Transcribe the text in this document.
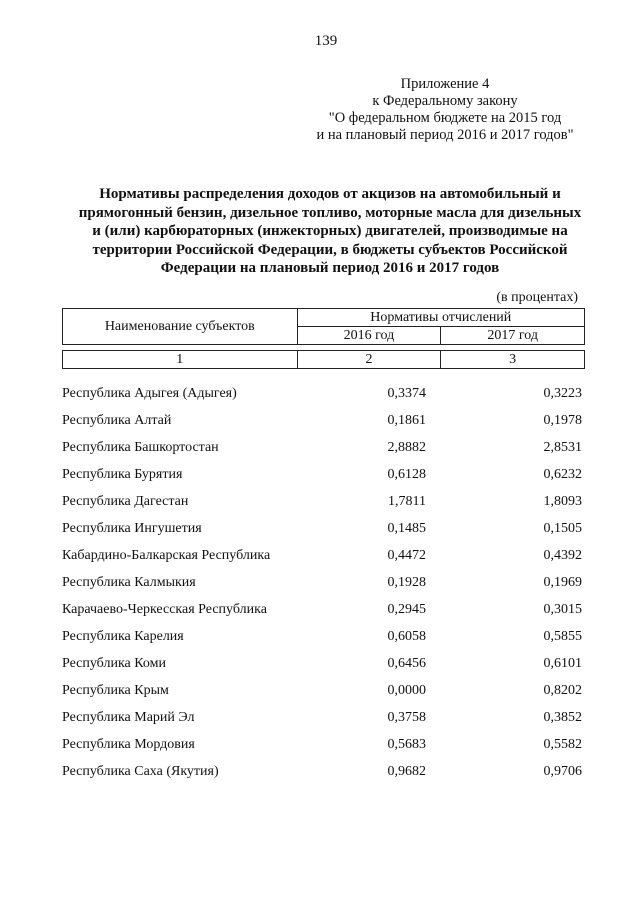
139
Приложение 4
к Федеральному закону
"О федеральном бюджете на 2015 год
и на плановый период 2016 и 2017 годов"
Нормативы распределения доходов от акцизов на автомобильный и
прямогонный бензин, дизельное топливо, моторные масла для дизельных
и (или) карбюраторных (инжекторных) двигателей, производимые на
территории Российской Федерации, в бюджеты субъектов Российской
Федерации на плановый период 2016 и 2017 годов
(в процентах)
Наименование субъектов	Нормативы отчислений	
	2016 год	2017 год

1	2	3
Республика Адыгея (Адыгея)	0,3374	0,3223
Республика Алтай	0,1861	0,1978
Республика Башкортостан	2,8882	2,8531
Республика Бурятия	0,6128	0,6232
Республика Дагестан	1,7811	1,8093
Республика Ингушетия	0,1485	0,1505
Кабардино-Балкарская Республика	0,4472	0,4392
Республика Калмыкия	0,1928	0,1969
Карачаево-Черкесская Республика	0,2945	0,3015
Республика Карелия	0,6058	0,5855
Республика Коми	0,6456	0,6101
Республика Крым	0,0000	0,8202
Республика Марий Эл	0,3758	0,3852
Республика Мордовия	0,5683	0,5582
Республика Саха (Якутия)	0,9682	0,9706
